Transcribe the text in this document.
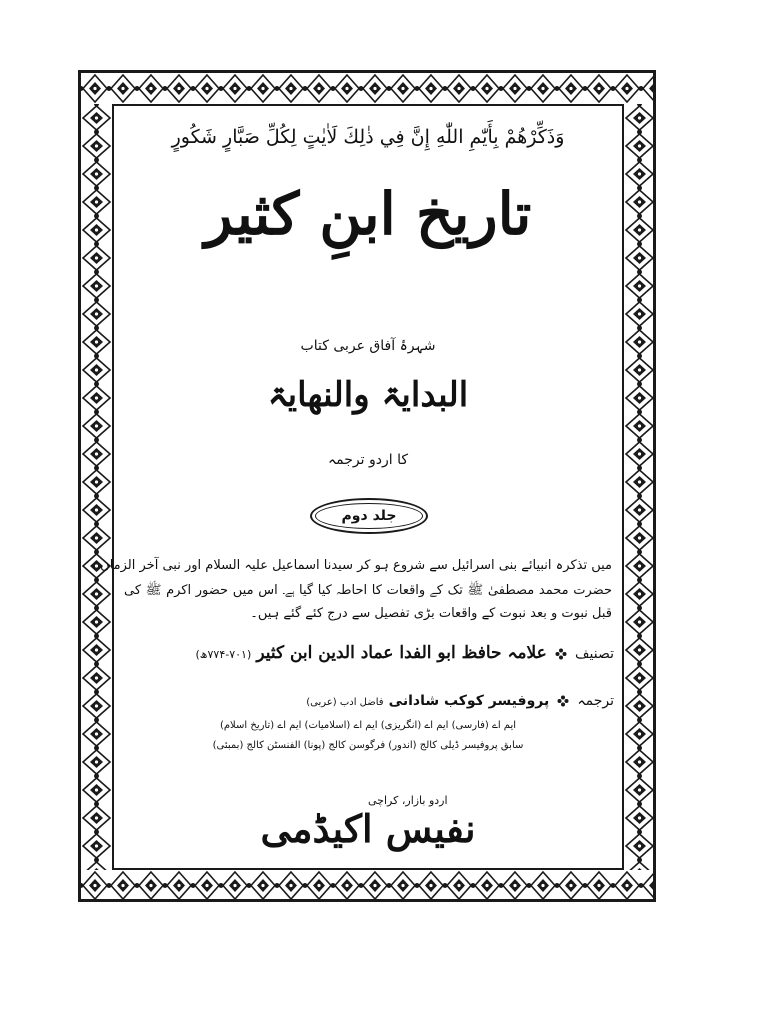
وَذَكِّرْهُمْ بِأَيّٰمِ اللّٰهِ إِنَّ فِي ذٰلِكَ لَاٰيٰتٍ لِكُلِّ صَبَّارٍ شَكُورٍ
تاریخ ابنِ کثیر
شہرۂ آفاق عربی کتاب
البدایۃ والنھایۃ
کا اردو ترجمہ
جلد دوم
میں تذکرہ انبیائے بنی اسرائیل سے شروع ہو کر سیدنا اسماعیل علیہ السلام اور نبی آخر الزماں
حضرت محمد مصطفیٰ ﷺ تک کے واقعات کا احاطہ کیا گیا ہے۔ اس میں حضور اکرم ﷺ کی
قبل نبوت و بعد نبوت کے واقعات بڑی تفصیل سے درج کئے گئے ہیں۔
تصنیف  علامہ حافظ ابو الفدا عماد الدین ابن کثیر (۷۰۱-۷۷۴ھ)
ترجمہ  پروفیسر کوکب شادانی فاضل ادب (عربی)
ایم اے (فارسی) ایم اے (انگریزی) ایم اے (اسلامیات) ایم اے (تاریخ اسلام)
سابق پروفیسر ڈیلی کالج (اندور) فرگوسن کالج (پونا) الفنسٹن کالج (بمبئی)
اردو بازار، کراچی
نفیس اکیڈمی
